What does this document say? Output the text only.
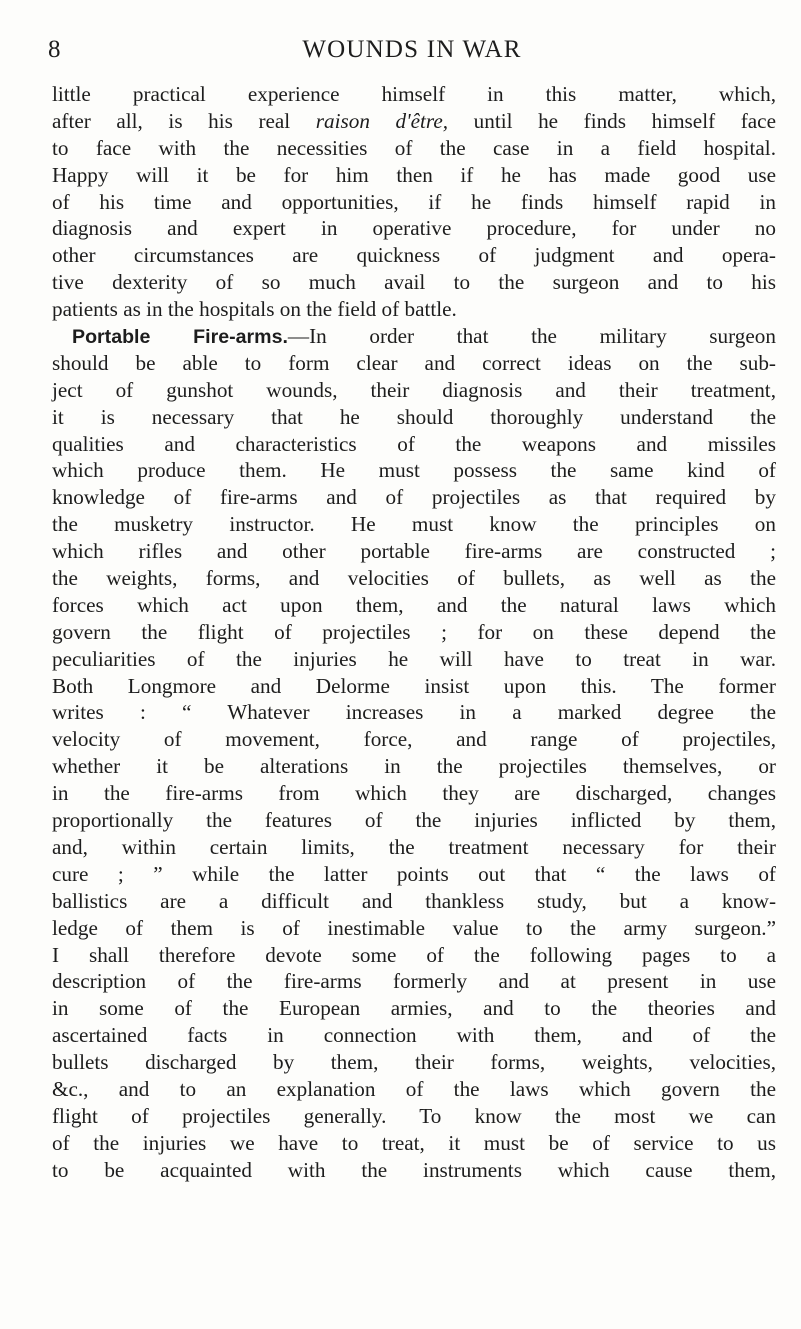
8	WOUNDS IN WAR
little practical experience himself in this matter, which,
after all, is his real raison d'être, until he finds himself face
to face with the necessities of the case in a field hospital.
Happy will it be for him then if he has made good use
of his time and opportunities, if he finds himself rapid in
diagnosis and expert in operative procedure, for under no
other circumstances are quickness of judgment and opera-
tive dexterity of so much avail to the surgeon and to his
patients as in the hospitals on the field of battle.
Portable Fire-arms.—In order that the military surgeon
should be able to form clear and correct ideas on the sub-
ject of gunshot wounds, their diagnosis and their treatment,
it is necessary that he should thoroughly understand the
qualities and characteristics of the weapons and missiles
which produce them. He must possess the same kind of
knowledge of fire-arms and of projectiles as that required by
the musketry instructor. He must know the principles on
which rifles and other portable fire-arms are constructed ;
the weights, forms, and velocities of bullets, as well as the
forces which act upon them, and the natural laws which
govern the flight of projectiles ; for on these depend the
peculiarities of the injuries he will have to treat in war.
Both Longmore and Delorme insist upon this. The former
writes : “ Whatever increases in a marked degree the
velocity of movement, force, and range of projectiles,
whether it be alterations in the projectiles themselves, or
in the fire-arms from which they are discharged, changes
proportionally the features of the injuries inflicted by them,
and, within certain limits, the treatment necessary for their
cure ; ” while the latter points out that “ the laws of
ballistics are a difficult and thankless study, but a know-
ledge of them is of inestimable value to the army surgeon.”
I shall therefore devote some of the following pages to a
description of the fire-arms formerly and at present in use
in some of the European armies, and to the theories and
ascertained facts in connection with them, and of the
bullets discharged by them, their forms, weights, velocities,
&c., and to an explanation of the laws which govern the
flight of projectiles generally. To know the most we can
of the injuries we have to treat, it must be of service to us
to be acquainted with the instruments which cause them,
